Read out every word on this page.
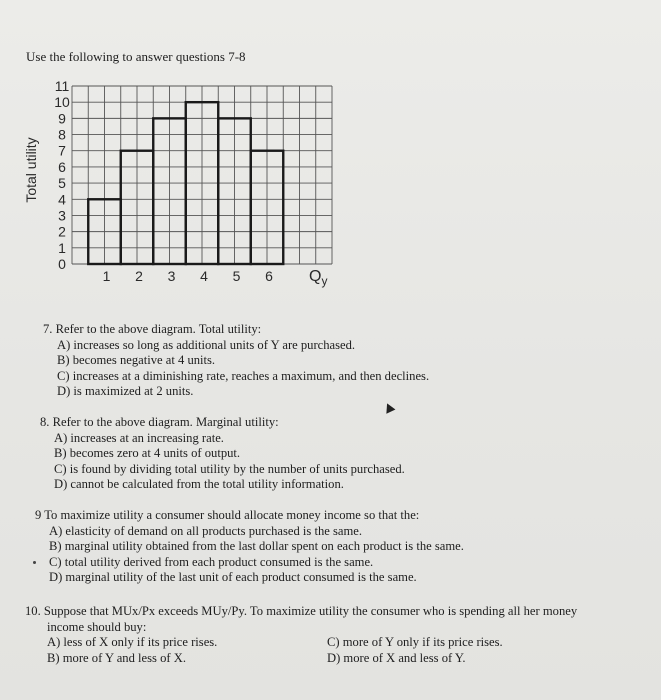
Use the following to answer questions 7-8
0
1
2
3
4
5
6
7
8
9
10
11
1 2 3 4 5 6
Total utility
$Q_y$
7. Refer to the above diagram. Total utility:
A) increases so long as additional units of Y are purchased.
B) becomes negative at 4 units.
C) increases at a diminishing rate, reaches a maximum, and then declines.
D) is maximized at 2 units.
8. Refer to the above diagram. Marginal utility:
A) increases at an increasing rate.
B) becomes zero at 4 units of output.
C) is found by dividing total utility by the number of units purchased.
D) cannot be calculated from the total utility information.
9 To maximize utility a consumer should allocate money income so that the:
A) elasticity of demand on all products purchased is the same.
B) marginal utility obtained from the last dollar spent on each product is the same.
C) total utility derived from each product consumed is the same.
D) marginal utility of the last unit of each product consumed is the same.
10. Suppose that MUx/Px exceeds MUy/Py. To maximize utility the consumer who is spending all her money
income should buy:
A) less of X only if its price rises.	C) more of Y only if its price rises.
B) more of Y and less of X.	D) more of X and less of Y.
